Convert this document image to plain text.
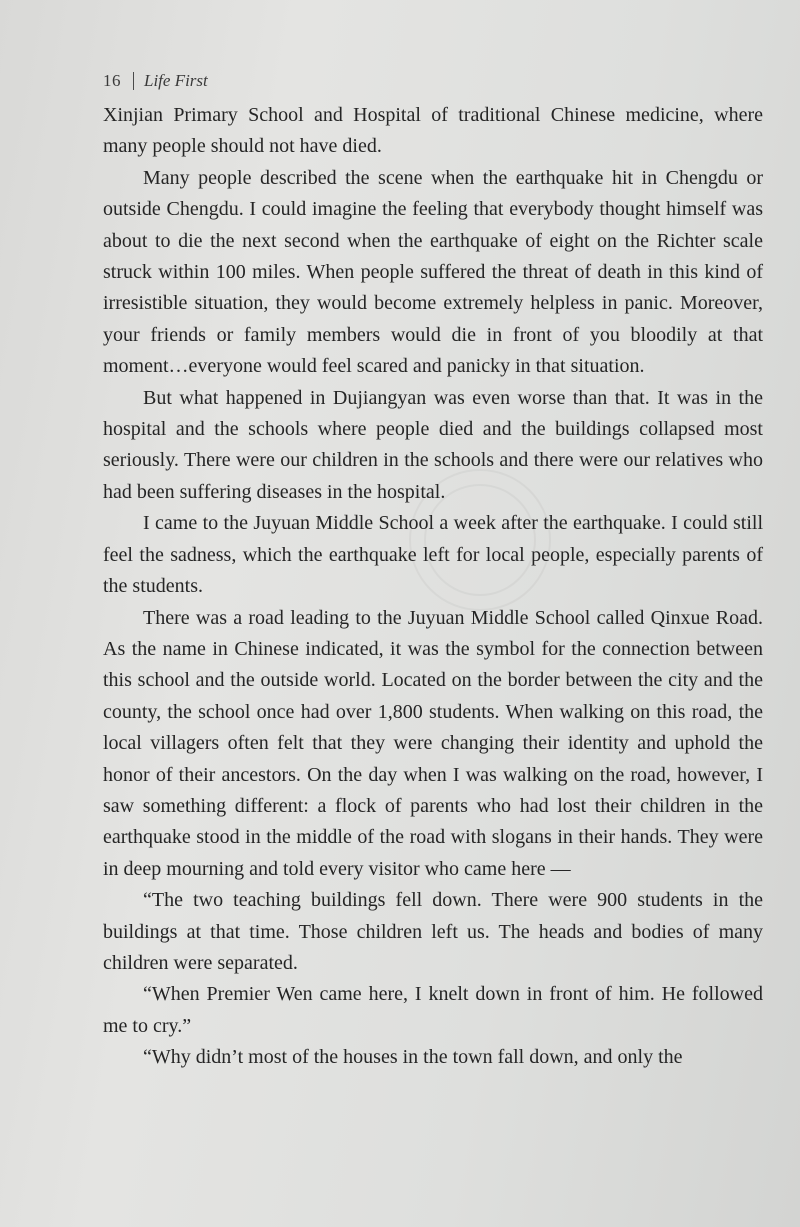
16 Life First

Xinjian Primary School and Hospital of traditional Chinese medicine, where many people should not have died.

Many people described the scene when the earthquake hit in Chengdu or outside Chengdu. I could imagine the feeling that everybody thought himself was about to die the next second when the earthquake of eight on the Richter scale struck within 100 miles. When people suffered the threat of death in this kind of irresistible situation, they would become extremely helpless in panic. Moreover, your friends or family members would die in front of you bloodily at that moment…everyone would feel scared and panicky in that situation.

But what happened in Dujiangyan was even worse than that. It was in the hospital and the schools where people died and the buildings collapsed most seriously. There were our children in the schools and there were our relatives who had been suffering diseases in the hospital.

I came to the Juyuan Middle School a week after the earthquake. I could still feel the sadness, which the earthquake left for local people, especially parents of the students.

There was a road leading to the Juyuan Middle School called Qinxue Road. As the name in Chinese indicated, it was the symbol for the connection between this school and the outside world. Located on the border between the city and the county, the school once had over 1,800 students. When walking on this road, the local villagers often felt that they were changing their identity and uphold the honor of their ancestors. On the day when I was walking on the road, however, I saw something different: a flock of parents who had lost their children in the earthquake stood in the middle of the road with slogans in their hands. They were in deep mourning and told every visitor who came here —

“The two teaching buildings fell down. There were 900 students in the buildings at that time. Those children left us. The heads and bodies of many children were separated.

“When Premier Wen came here, I knelt down in front of him. He followed me to cry.”

“Why didn’t most of the houses in the town fall down, and only the
